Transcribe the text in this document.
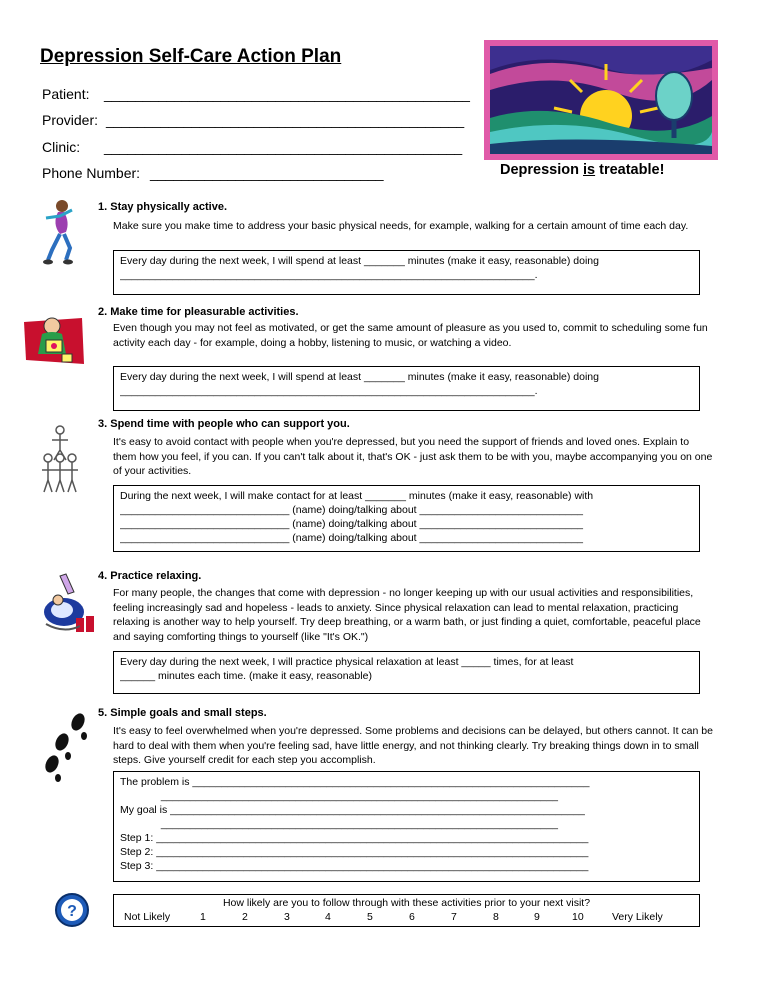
Depression Self-Care Action Plan
Patient: _______________________________________________
Provider: ______________________________________________
Clinic: ______________________________________________
Phone Number: ______________________________	Depression is treatable!
1. Stay physically active.
Make sure you make time to address your basic physical needs, for example, walking for a certain amount of time each day.
Every day during the next week, I will spend at least _______ minutes (make it easy, reasonable) doing
_______________________________________________________________________.
2. Make time for pleasurable activities.
Even though you may not feel as motivated, or get the same amount of pleasure as you used to, commit to scheduling some fun activity each day - for example, doing a hobby, listening to music, or watching a video.
Every day during the next week, I will spend at least _______ minutes (make it easy, reasonable) doing
_______________________________________________________________________.
3. Spend time with people who can support you.
It's easy to avoid contact with people when you're depressed, but you need the support of friends and loved ones. Explain to them how you feel, if you can. If you can't talk about it, that's OK - just ask them to be with you, maybe accompanying you on one of your activities.
During the next week, I will make contact for at least _______ minutes (make it easy, reasonable) with
_____________________________ (name) doing/talking about ____________________________
_____________________________ (name) doing/talking about ____________________________
_____________________________ (name) doing/talking about ____________________________
4. Practice relaxing.
For many people, the changes that come with depression - no longer keeping up with our usual activities and responsibilities, feeling increasingly sad and hopeless - leads to anxiety. Since physical relaxation can lead to mental relaxation, practicing relaxing is another way to help yourself. Try deep breathing, or a warm bath, or just finding a quiet, comfortable, peaceful place and saying comforting things to yourself (like "It's OK.")
Every day during the next week, I will practice physical relaxation at least _____ times, for at least
______ minutes each time. (make it easy, reasonable)
5. Simple goals and small steps.
It's easy to feel overwhelmed when you're depressed. Some problems and decisions can be delayed, but others cannot. It can be hard to deal with them when you're feeling sad, have little energy, and not thinking clearly. Try breaking things down in to small steps. Give yourself credit for each step you accomplish.
The problem is ____________________________________________________________________
____________________________________________________________________
My goal is _______________________________________________________________________
____________________________________________________________________
Step 1: __________________________________________________________________________
Step 2: __________________________________________________________________________
Step 3: __________________________________________________________________________
?	How likely are you to follow through with these activities prior to your next visit?
Not Likely	1	2	3	4	5	6	7	8	9	10	Very Likely
